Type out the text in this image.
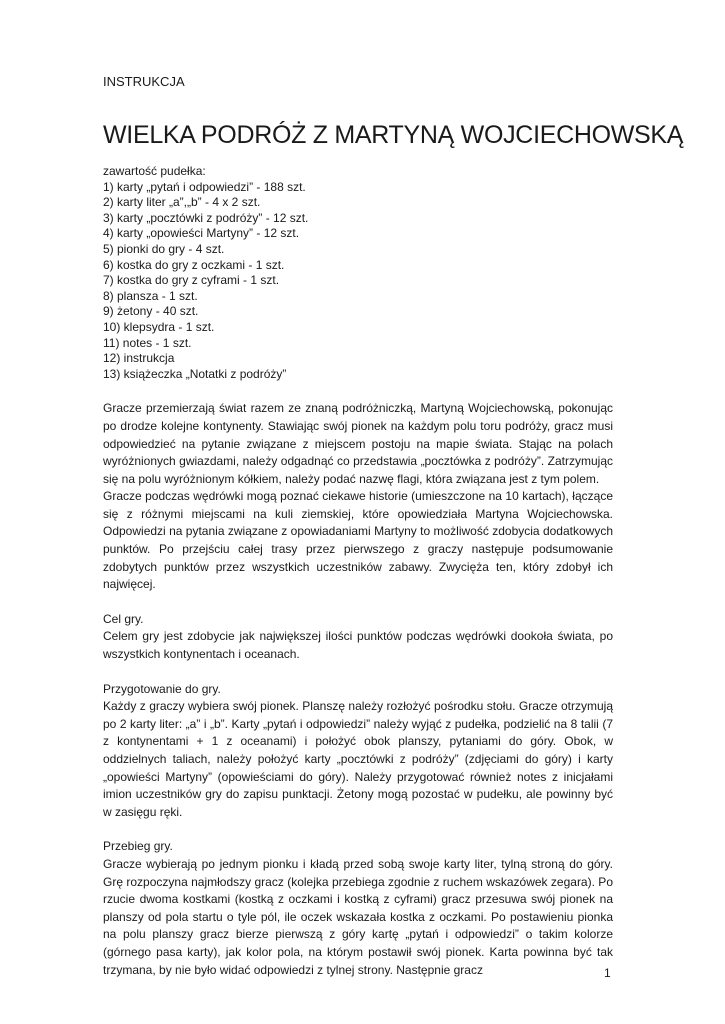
INSTRUKCJA

WIELKA PODRÓŻ Z MARTYNĄ WOJCIECHOWSKĄ
zawartość pudełka:
1) karty „pytań i odpowiedzi” - 188 szt.
2) karty liter „a”,„b” - 4 x 2 szt.
3) karty „pocztówki z podróży” - 12 szt.
4) karty „opowieści Martyny” - 12 szt.
5) pionki do gry - 4 szt.
6) kostka do gry z oczkami - 1 szt.
7) kostka do gry z cyframi - 1 szt.
8) plansza - 1 szt.
9) żetony - 40 szt.
10) klepsydra - 1 szt.
11) notes - 1 szt.
12) instrukcja
13) książeczka „Notatki z podróży”

Gracze przemierzają świat razem ze znaną podróżniczką, Martyną Wojciechowską, pokonując po drodze kolejne kontynenty. Stawiając swój pionek na każdym polu toru podróży, gracz musi odpowiedzieć na pytanie związane z miejscem postoju na mapie świata. Stając na polach wyróżnionych gwiazdami, należy odgadnąć co przedstawia „pocztówka z podróży”. Zatrzymując się na polu wyróżnionym kółkiem, należy podać nazwę flagi, która związana jest z tym polem.

Gracze podczas wędrówki mogą poznać ciekawe historie (umieszczone na 10 kartach), łączące się z różnymi miejscami na kuli ziemskiej, które opowiedziała Martyna Wojciechowska. Odpowiedzi na pytania związane z opowiadaniami Martyny to możliwość zdobycia dodatkowych punktów. Po przejściu całej trasy przez pierwszego z graczy następuje podsumowanie zdobytych punktów przez wszystkich uczestników zabawy. Zwycięża ten, który zdobył ich najwięcej.

Cel gry.

Celem gry jest zdobycie jak największej ilości punktów podczas wędrówki dookoła świata, po wszystkich kontynentach i oceanach.

Przygotowanie do gry.

Każdy z graczy wybiera swój pionek. Planszę należy rozłożyć pośrodku stołu. Gracze otrzymują po 2 karty liter: „a” i „b”. Karty „pytań i odpowiedzi” należy wyjąć z pudełka, podzielić na 8 talii (7 z kontynentami + 1 z oceanami) i położyć obok planszy, pytaniami do góry. Obok, w oddzielnych taliach, należy położyć karty „pocztówki z podróży” (zdjęciami do góry) i karty „opowieści Martyny” (opowieściami do góry). Należy przygotować również notes z inicjałami imion uczestników gry do zapisu punktacji. Żetony mogą pozostać w pudełku, ale powinny być w zasięgu ręki.

Przebieg gry.

Gracze wybierają po jednym pionku i kładą przed sobą swoje karty liter, tylną stroną do góry. Grę rozpoczyna najmłodszy gracz (kolejka przebiega zgodnie z ruchem wskazówek zegara). Po rzucie dwoma kostkami (kostką z oczkami i kostką z cyframi) gracz przesuwa swój pionek na planszy od pola startu o tyle pól, ile oczek wskazała kostka z oczkami. Po postawieniu pionka na polu planszy gracz bierze pierwszą z góry kartę „pytań i odpowiedzi” o takim kolorze (górnego pasa karty), jak kolor pola, na którym postawił swój pionek. Karta powinna być tak trzymana, by nie było widać odpowiedzi z tylnej strony. Następnie gracz	1
